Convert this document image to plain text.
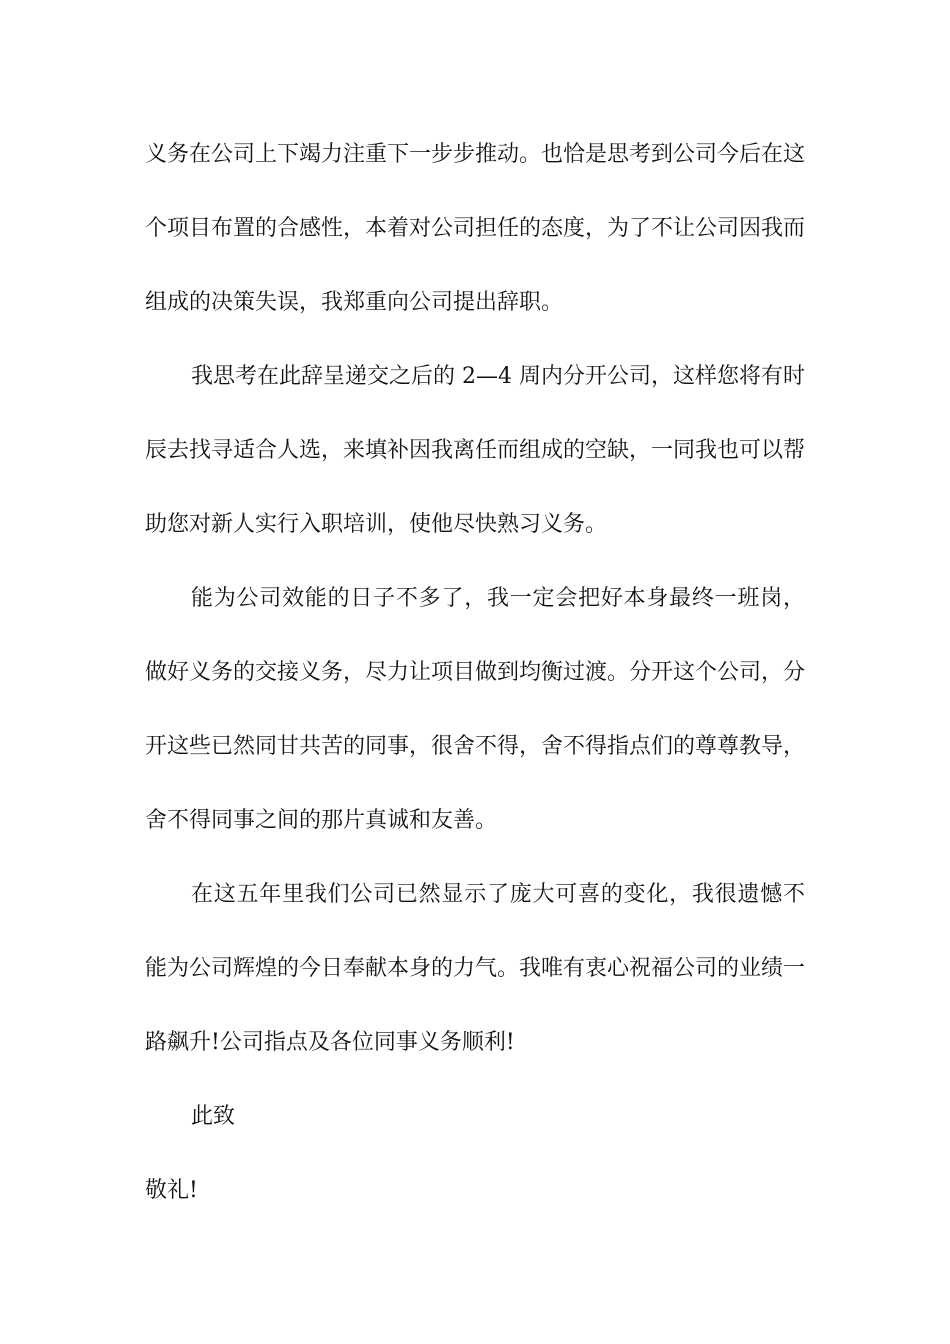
义务在公司上下竭力注重下一步步推动。也恰是思考到公司今后在这个项目布置的合感性，本着对公司担任的态度，为了不让公司因我而组成的决策失误，我郑重向公司提出辞职。

我思考在此辞呈递交之后的 2—4 周内分开公司，这样您将有时辰去找寻适合人选，来填补因我离任而组成的空缺，一同我也可以帮助您对新人实行入职培训，使他尽快熟习义务。

能为公司效能的日子不多了，我一定会把好本身最终一班岗，做好义务的交接义务，尽力让项目做到均衡过渡。分开这个公司，分开这些已然同甘共苦的同事，很舍不得，舍不得指点们的尊尊教导，舍不得同事之间的那片真诚和友善。

在这五年里我们公司已然显示了庞大可喜的变化，我很遗憾不能为公司辉煌的今日奉献本身的力气。我唯有衷心祝福公司的业绩一路飙升!公司指点及各位同事义务顺利!

此致

敬礼!
